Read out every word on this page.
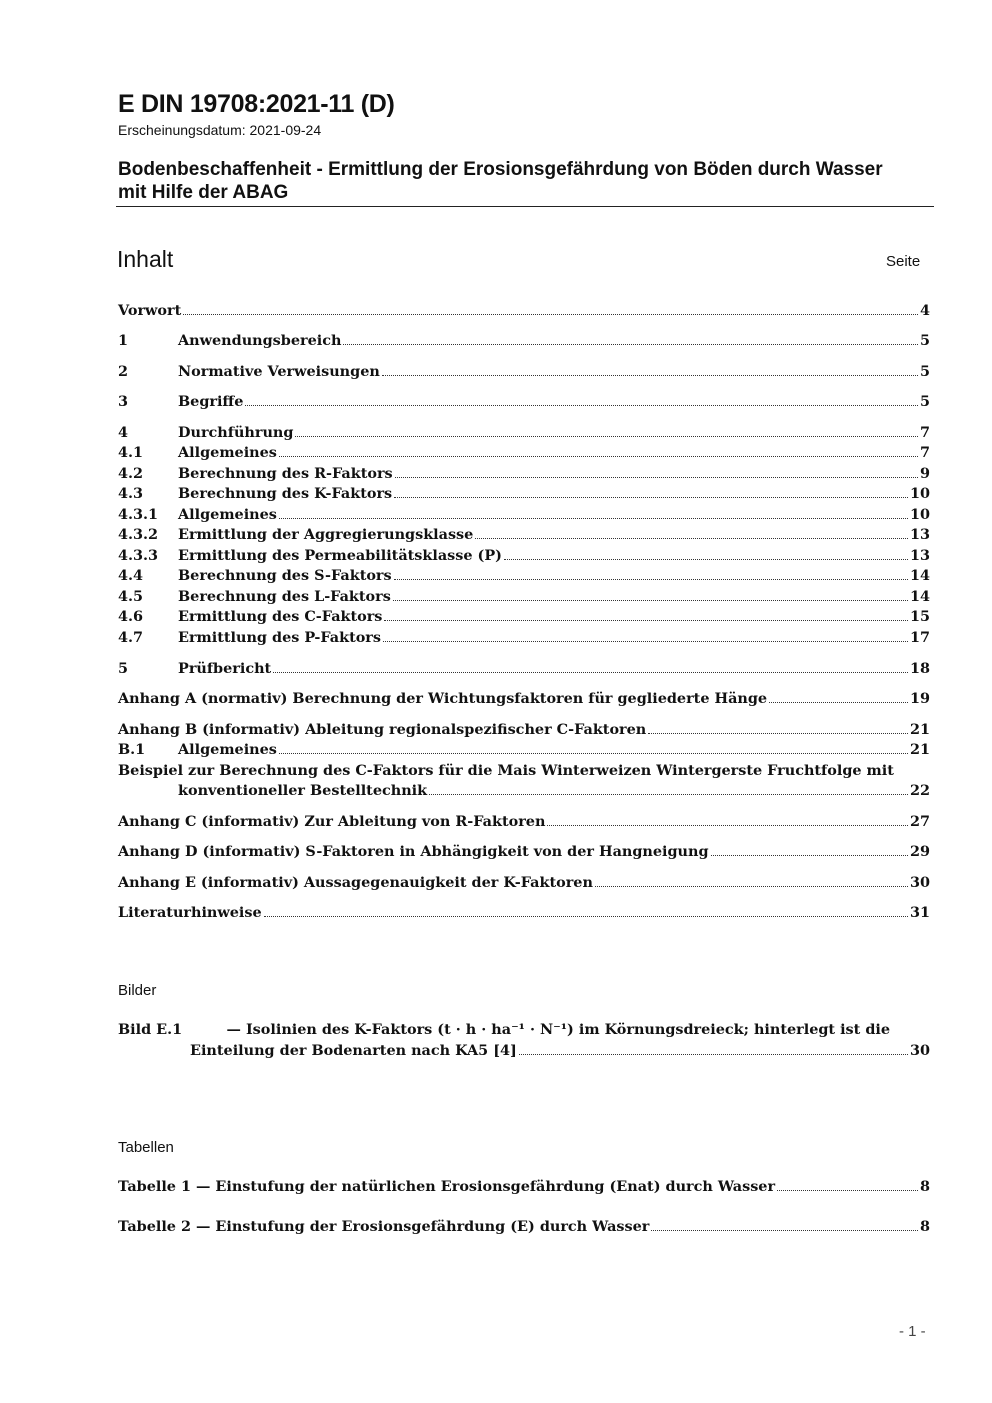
E DIN 19708:2021-11 (D)
Erscheinungsdatum: 2021-09-24
Bodenbeschaffenheit - Ermittlung der Erosionsgefährdung von Böden durch Wasser
mit Hilfe der ABAG
Inhalt	Seite
Vorwort	4
1	Anwendungsbereich	5
2	Normative Verweisungen	5
3	Begriffe	5
4	Durchführung	7
4.1	Allgemeines	7
4.2	Berechnung des R-Faktors	9
4.3	Berechnung des K-Faktors	10
4.3.1	Allgemeines	10
4.3.2	Ermittlung der Aggregierungsklasse	13
4.3.3	Ermittlung des Permeabilitätsklasse (P)	13
4.4	Berechnung des S-Faktors	14
4.5	Berechnung des L-Faktors	14
4.6	Ermittlung des C-Faktors	15
4.7	Ermittlung des P-Faktors	17
5	Prüfbericht	18
Anhang A (normativ) Berechnung der Wichtungsfaktoren für gegliederte Hänge	19
Anhang B (informativ) Ableitung regionalspezifischer C-Faktoren	21
B.1	Allgemeines	21
Beispiel zur Berechnung des C-Faktors für die Mais Winterweizen Wintergerste Fruchtfolge mit
konventioneller Bestelltechnik	22
Anhang C (informativ) Zur Ableitung von R-Faktoren	27
Anhang D (informativ) S-Faktoren in Abhängigkeit von der Hangneigung	29
Anhang E (informativ) Aussagegenauigkeit der K-Faktoren	30
Literaturhinweise	31
Bilder
Bild E.1	— Isolinien des K-Faktors (t · h · ha⁻¹ · N⁻¹) im Körnungsdreieck; hinterlegt ist die
Einteilung der Bodenarten nach KA5 [4]	30
Tabellen
Tabelle 1 — Einstufung der natürlichen Erosionsgefährdung (Enat) durch Wasser	8
Tabelle 2 — Einstufung der Erosionsgefährdung (E) durch Wasser	8
- 1 -
